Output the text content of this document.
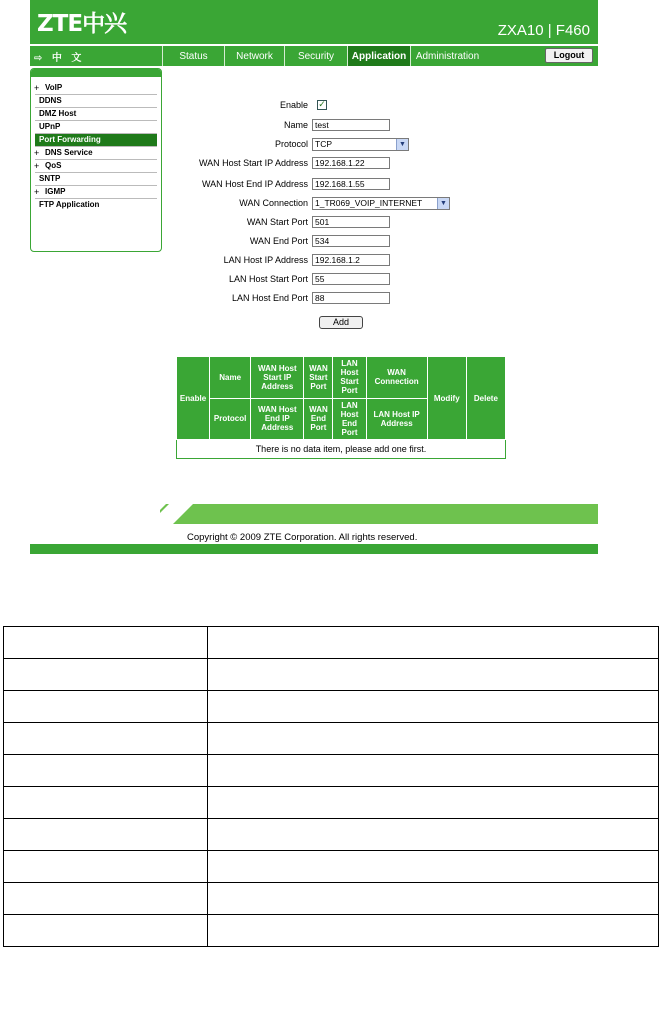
ZTE中兴	ZXA10 | F460
⇨ 中 文	Status	Network	Security	Application Administration	Logout
+ VoIP
DDNS
DMZ Host
UPnP
Port Forwarding
+ DNS Service
+ QoS
SNTP
+ IGMP
FTP Application
Enable ✓
Name test
Protocol TCP	▼
WAN Host Start IP Address 192.168.1.22
WAN Host End IP Address 192.168.1.55
WAN Connection 1_TR069_VOIP_INTERNET	▼
WAN Start Port 501
WAN End Port 534
LAN Host IP Address 192.168.1.2
LAN Host Start Port 55
LAN Host End Port 88
Add
Enable	Name	WAN Host Start IP Address	WAN Start Port	LAN Host Start Port	WAN Connection	Modify	Delete
	Protocol	WAN Host End IP Address	WAN End Port	LAN Host End Port	LAN Host IP Address		
There is no data item, please add one first.							
Copyright © 2009 ZTE Corporation. All rights reserved.
